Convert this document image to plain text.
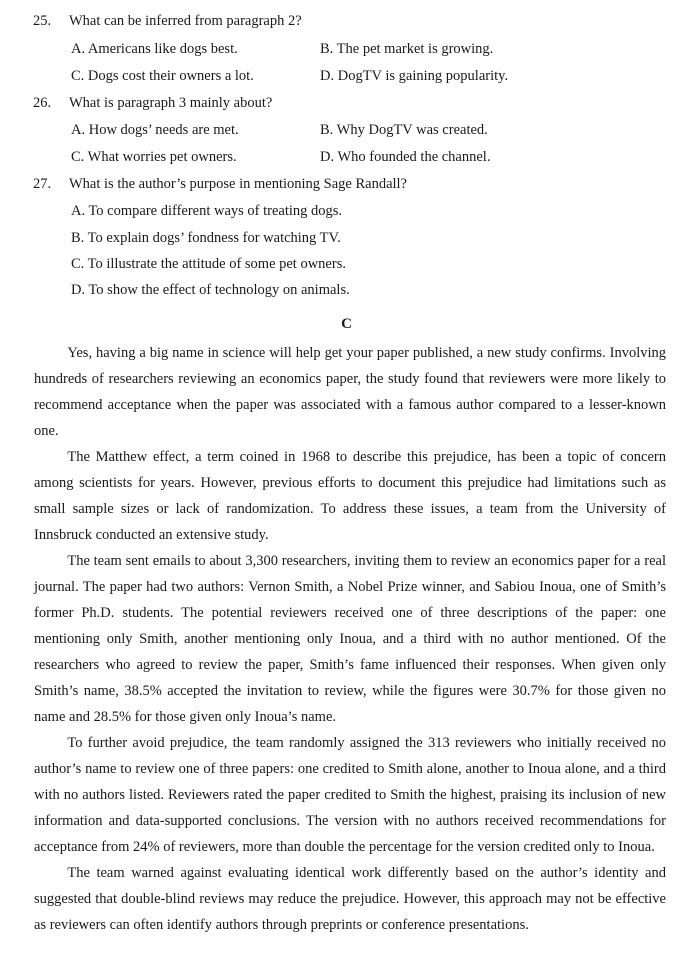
25. What can be inferred from paragraph 2?
A. Americans like dogs best.	B. The pet market is growing.
C. Dogs cost their owners a lot.	D. DogTV is gaining popularity.
26. What is paragraph 3 mainly about?
A. How dogs’ needs are met.	B. Why DogTV was created.
C. What worries pet owners.	D. Who founded the channel.
27. What is the author’s purpose in mentioning Sage Randall?
A. To compare different ways of treating dogs.
B. To explain dogs’ fondness for watching TV.
C. To illustrate the attitude of some pet owners.
D. To show the effect of technology on animals.
C

Yes, having a big name in science will help get your paper published, a new study confirms. Involving hundreds of researchers reviewing an economics paper, the study found that reviewers were more likely to recommend acceptance when the paper was associated with a famous author compared to a lesser-known one.

The Matthew effect, a term coined in 1968 to describe this prejudice, has been a topic of concern among scientists for years. However, previous efforts to document this prejudice had limitations such as small sample sizes or lack of randomization. To address these issues, a team from the University of Innsbruck conducted an extensive study.

The team sent emails to about 3,300 researchers, inviting them to review an economics paper for a real journal. The paper had two authors: Vernon Smith, a Nobel Prize winner, and Sabiou Inoua, one of Smith’s former Ph.D. students. The potential reviewers received one of three descriptions of the paper: one mentioning only Smith, another mentioning only Inoua, and a third with no author mentioned. Of the researchers who agreed to review the paper, Smith’s fame influenced their responses. When given only Smith’s name, 38.5% accepted the invitation to review, while the figures were 30.7% for those given no name and 28.5% for those given only Inoua’s name.

To further avoid prejudice, the team randomly assigned the 313 reviewers who initially received no author’s name to review one of three papers: one credited to Smith alone, another to Inoua alone, and a third with no authors listed. Reviewers rated the paper credited to Smith the highest, praising its inclusion of new information and data-supported conclusions. The version with no authors received recommendations for acceptance from 24% of reviewers, more than double the percentage for the version credited only to Inoua.

The team warned against evaluating identical work differently based on the author’s identity and suggested that double-blind reviews may reduce the prejudice. However, this approach may not be effective as reviewers can often identify authors through preprints or conference presentations.
